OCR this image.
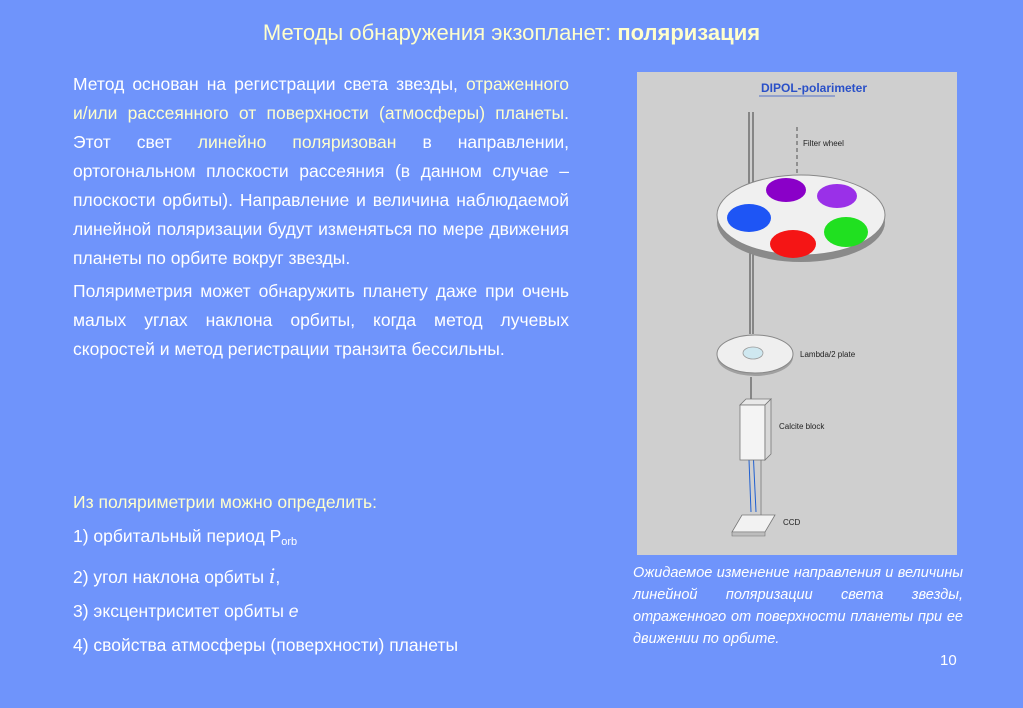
Методы обнаружения экзопланет: поляризация

Метод основан на регистрации света звезды, отраженного и/или рассеянного от поверхности (атмосферы) планеты. Этот свет линейно поляризован в направлении, ортогональном плоскости рассеяния (в данном случае – плоскости орбиты). Направление и величина наблюдаемой линейной поляризации будут изменяться по мере движения планеты по орбите вокруг звезды.

Поляриметрия может обнаружить планету даже при очень малых углах наклона орбиты, когда метод лучевых скоростей и метод регистрации транзита бессильны.

Из поляриметрии можно определить:
1) орбитальный период $P_{orb}$
2) угол наклона орбиты i,
3) эксцентриситет орбиты e
4) свойства атмосферы (поверхности) планеты
DIPOL-polarimeter
Filter wheel
Lambda/2 plate
Calcite block
CCD
Ожидаемое изменение направления и величины линейной поляризации света звезды, отраженного от поверхности планеты при ее движении по орбите.
10
